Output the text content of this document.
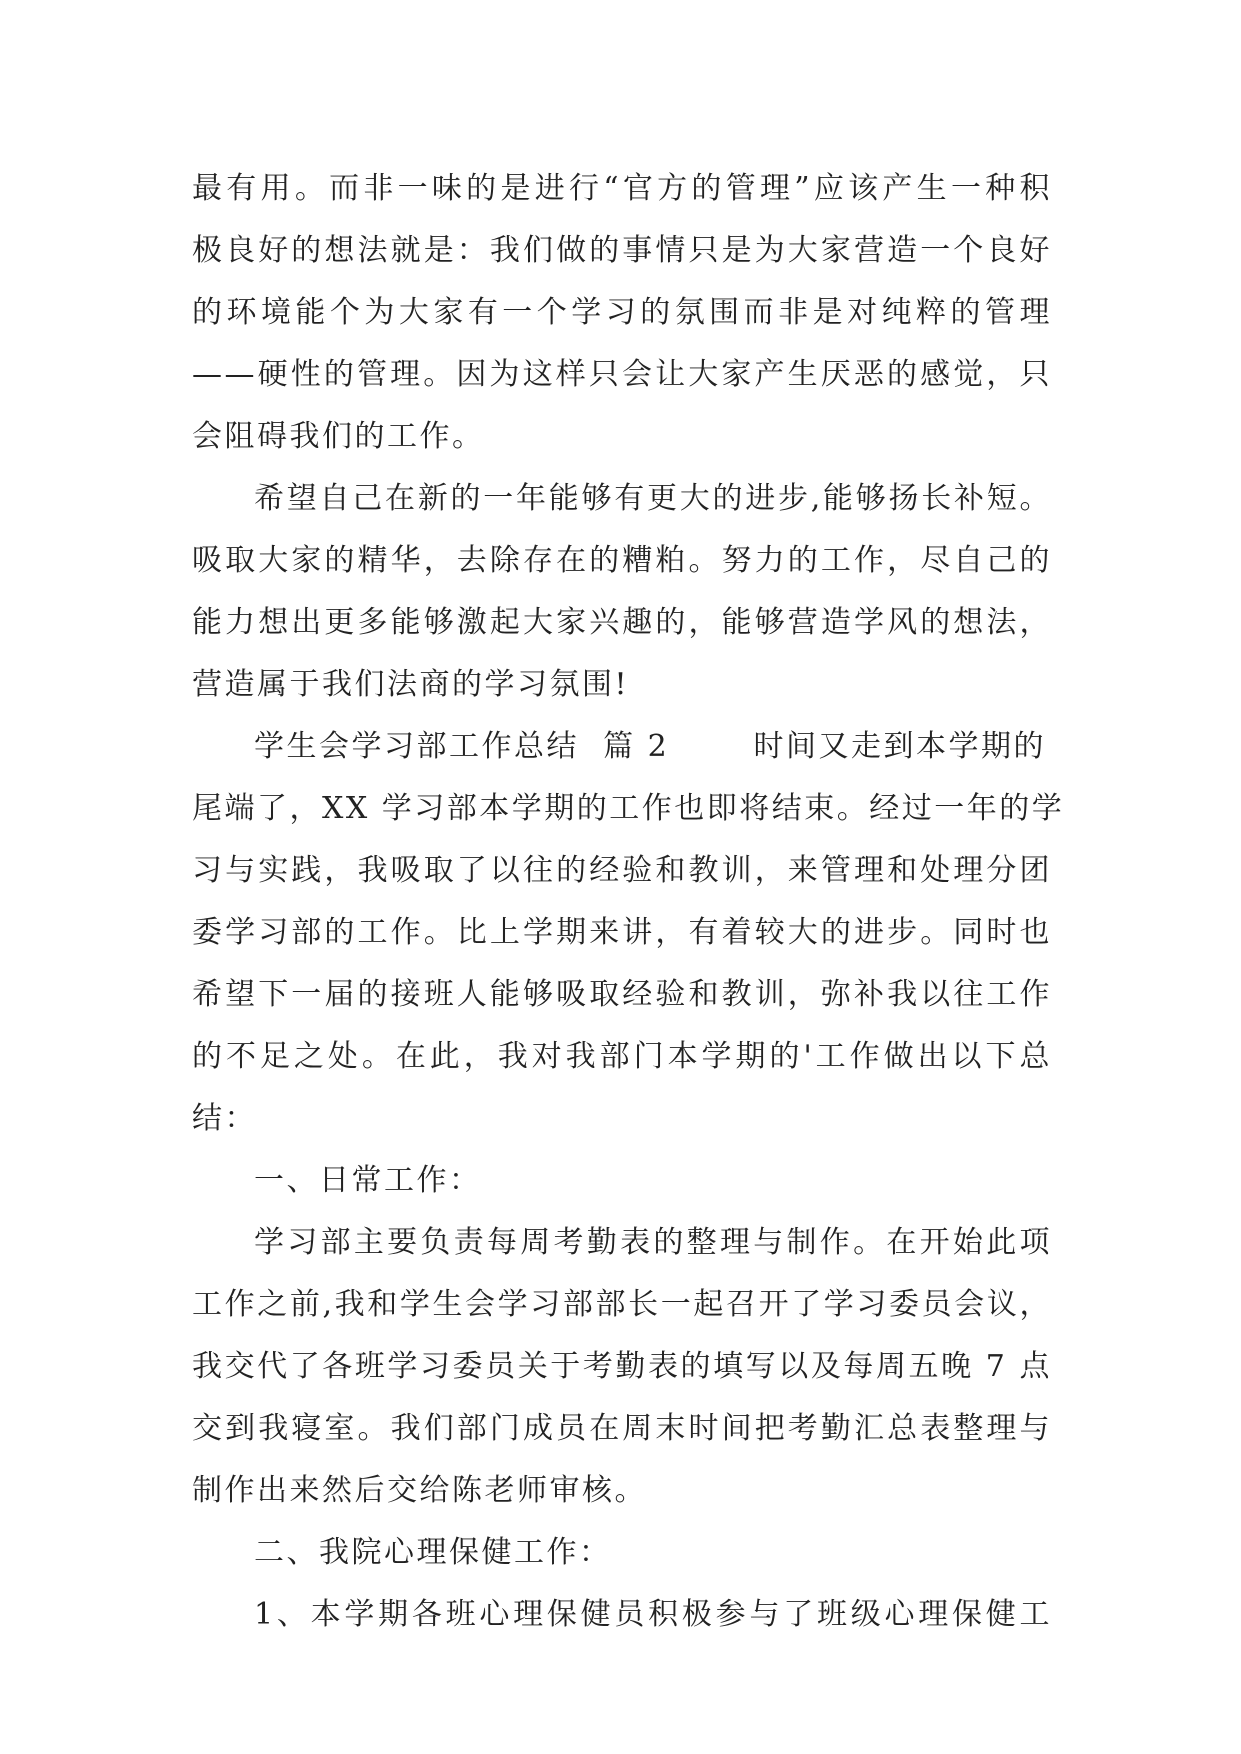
最有用。而非一味的是进行“官方的管理”应该产生一种积
极良好的想法就是：我们做的事情只是为大家营造一个良好
的环境能个为大家有一个学习的氛围而非是对纯粹的管理
——硬性的管理。因为这样只会让大家产生厌恶的感觉，只
会阻碍我们的工作。
希望自己在新的一年能够有更大的进步,能够扬长补短。
吸取大家的精华，去除存在的糟粕。努力的工作，尽自己的
能力想出更多能够激起大家兴趣的，能够营造学风的想法，
营造属于我们法商的学习氛围!
学生会学习部工作总结  篇 2       时间又走到本学期的
尾端了，XX 学习部本学期的工作也即将结束。经过一年的学
习与实践，我吸取了以往的经验和教训，来管理和处理分团
委学习部的工作。比上学期来讲，有着较大的进步。同时也
希望下一届的接班人能够吸取经验和教训，弥补我以往工作
的不足之处。在此，我对我部门本学期的'工作做出以下总
结：
一、日常工作：
学习部主要负责每周考勤表的整理与制作。在开始此项
工作之前,我和学生会学习部部长一起召开了学习委员会议，
我交代了各班学习委员关于考勤表的填写以及每周五晚 7 点
交到我寝室。我们部门成员在周末时间把考勤汇总表整理与
制作出来然后交给陈老师审核。
二、我院心理保健工作：
1、本学期各班心理保健员积极参与了班级心理保健工
